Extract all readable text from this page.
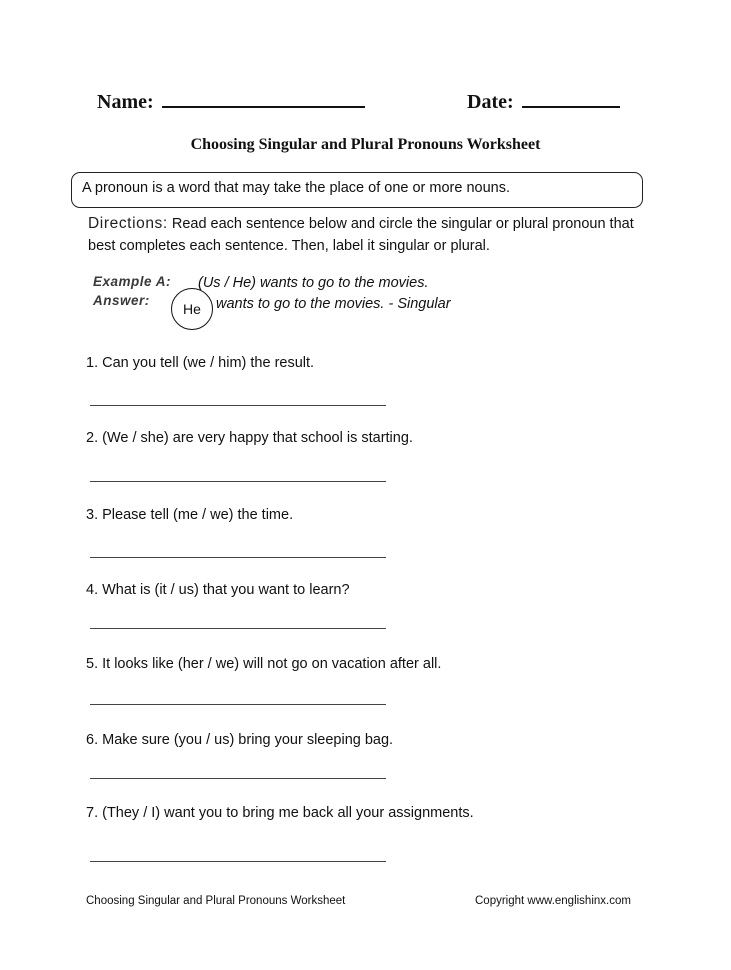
Name:	Date:
Choosing Singular and Plural Pronouns Worksheet
A pronoun is a word that may take the place of one or more nouns.
Directions: Read each sentence below and circle the singular or plural pronoun that best completes each sentence. Then, label it singular or plural.
Example A: (Us / He) wants to go to the movies.
Answer:
He	wants to go to the movies. - Singular
1. Can you tell (we / him) the result.
2. (We / she) are very happy that school is starting.
3. Please tell (me / we) the time.
4. What is (it / us) that you want to learn?
5. It looks like (her / we) will not go on vacation after all.
6. Make sure (you / us) bring your sleeping bag.
7. (They / I) want you to bring me back all your assignments.
Choosing Singular and Plural Pronouns Worksheet	Copyright www.englishinx.com
